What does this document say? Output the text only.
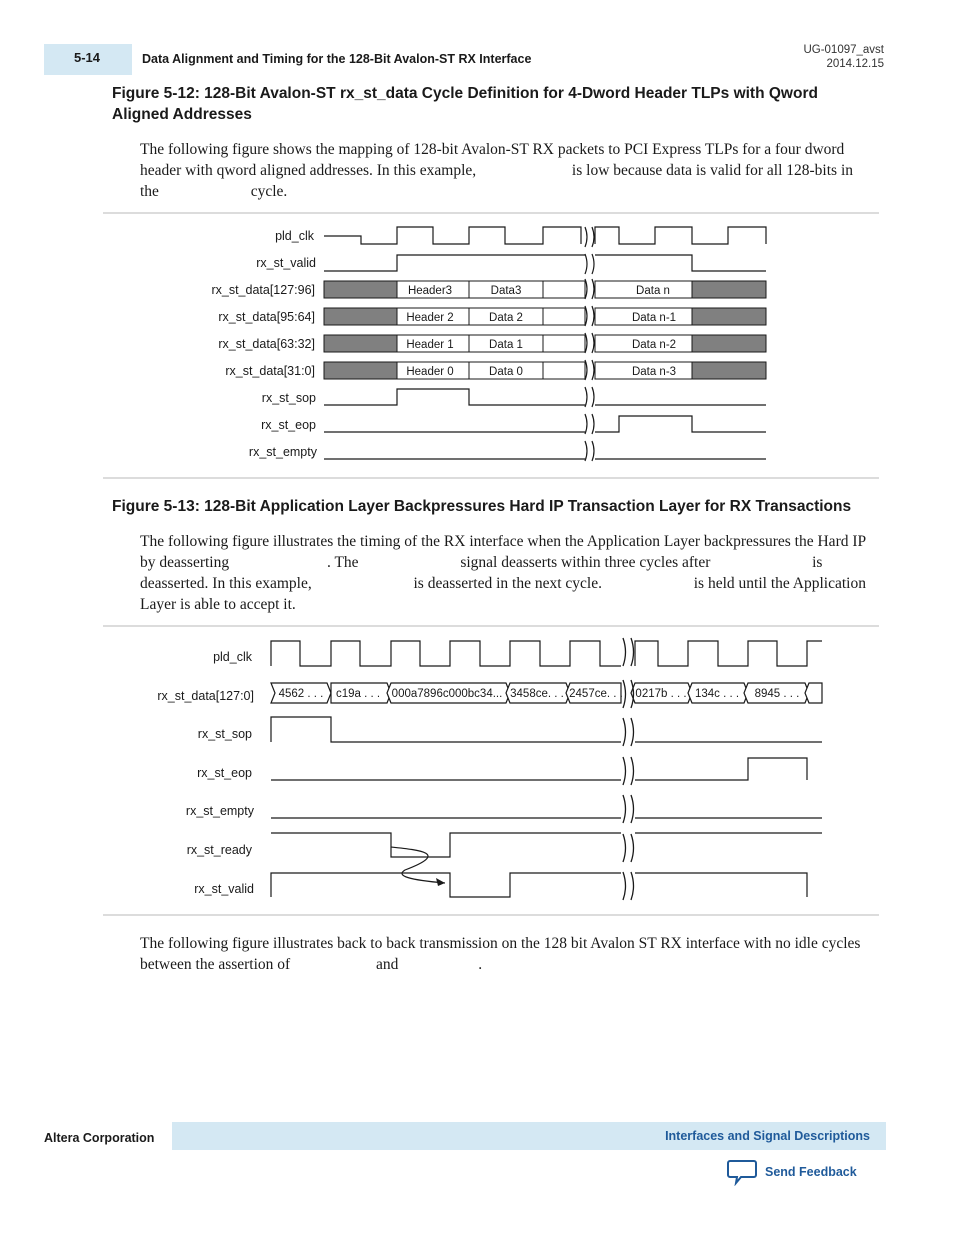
5-14	Data Alignment and Timing for the 128-Bit Avalon-ST RX Interface
UG-01097_avst
2014.12.15
Figure 5-12: 128-Bit Avalon-ST rx_st_data Cycle Definition for 4-Dword Header TLPs with Qword Aligned Addresses
The following figure shows the mapping of 128-bit Avalon-ST RX packets to PCI Express TLPs for a four dword header with qword aligned addresses. In this example,	is low because data is valid for all 128-bits in the	cycle.
pld_clk
rx_st_valid
rx_st_data[127:96]
rx_st_data[95:64]
rx_st_data[63:32]
rx_st_data[31:0]
rx_st_sop
rx_st_eop
rx_st_empty
Header3	Data3	Data n
Header 2	Data 2	Data n-1
Header 1	Data 1	Data n-2
Header 0	Data 0	Data n-3
Figure 5-13: 128-Bit Application Layer Backpressures Hard IP Transaction Layer for RX Transactions
The following figure illustrates the timing of the RX interface when the Application Layer backpressures the Hard IP by deasserting	. The	signal deasserts within three cycles after	is deasserted. In this example,	is deasserted in the next cycle.	is held until the Application Layer is able to accept it.
pld_clk
rx_st_data[127:0]
rx_st_sop
rx_st_eop
rx_st_empty
rx_st_ready
rx_st_valid
4562 . . . c19a . . . 000a7896c000bc34... 3458ce. . . 2457ce. . . 0217b . . . 134c . . . 8945 . . .
The following figure illustrates back to back transmission on the 128 bit Avalon ST RX interface with no idle cycles between the assertion of	and	.
Altera Corporation	Interfaces and Signal Descriptions
Send Feedback
